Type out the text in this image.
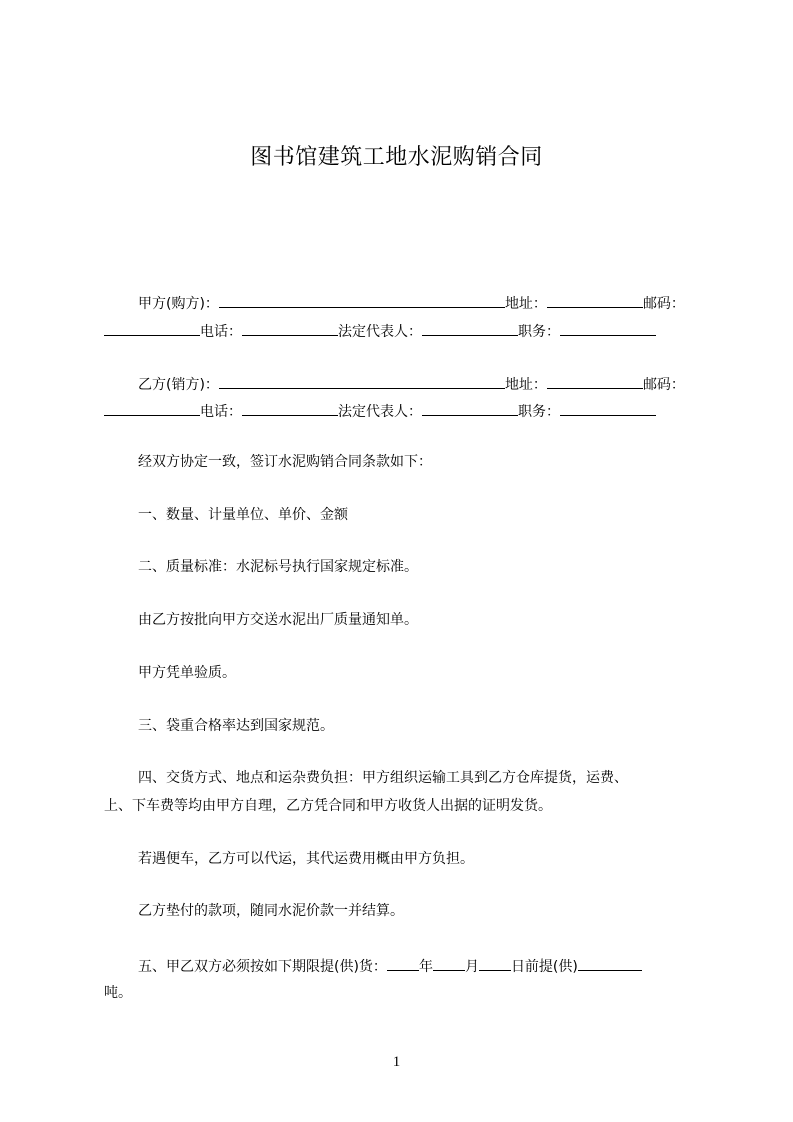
图书馆建筑工地水泥购销合同
甲方(购方)：	地址：	邮码：
电话：	法定代表人：	职务：
乙方(销方)：	地址：	邮码：
电话：	法定代表人：	职务：
经双方协定一致，签订水泥购销合同条款如下：
一、数量、计量单位、单价、金额
二、质量标准：水泥标号执行国家规定标准。
由乙方按批向甲方交送水泥出厂质量通知单。
甲方凭单验质。
三、袋重合格率达到国家规范。
四、交货方式、地点和运杂费负担：甲方组织运输工具到乙方仓库提货，运费、
上、下车费等均由甲方自理，乙方凭合同和甲方收货人出据的证明发货。
若遇便车，乙方可以代运，其代运费用概由甲方负担。
乙方垫付的款项，随同水泥价款一并结算。
五、甲乙双方必须按如下期限提(供)货： 年 月 日前提(供)
吨。
1
